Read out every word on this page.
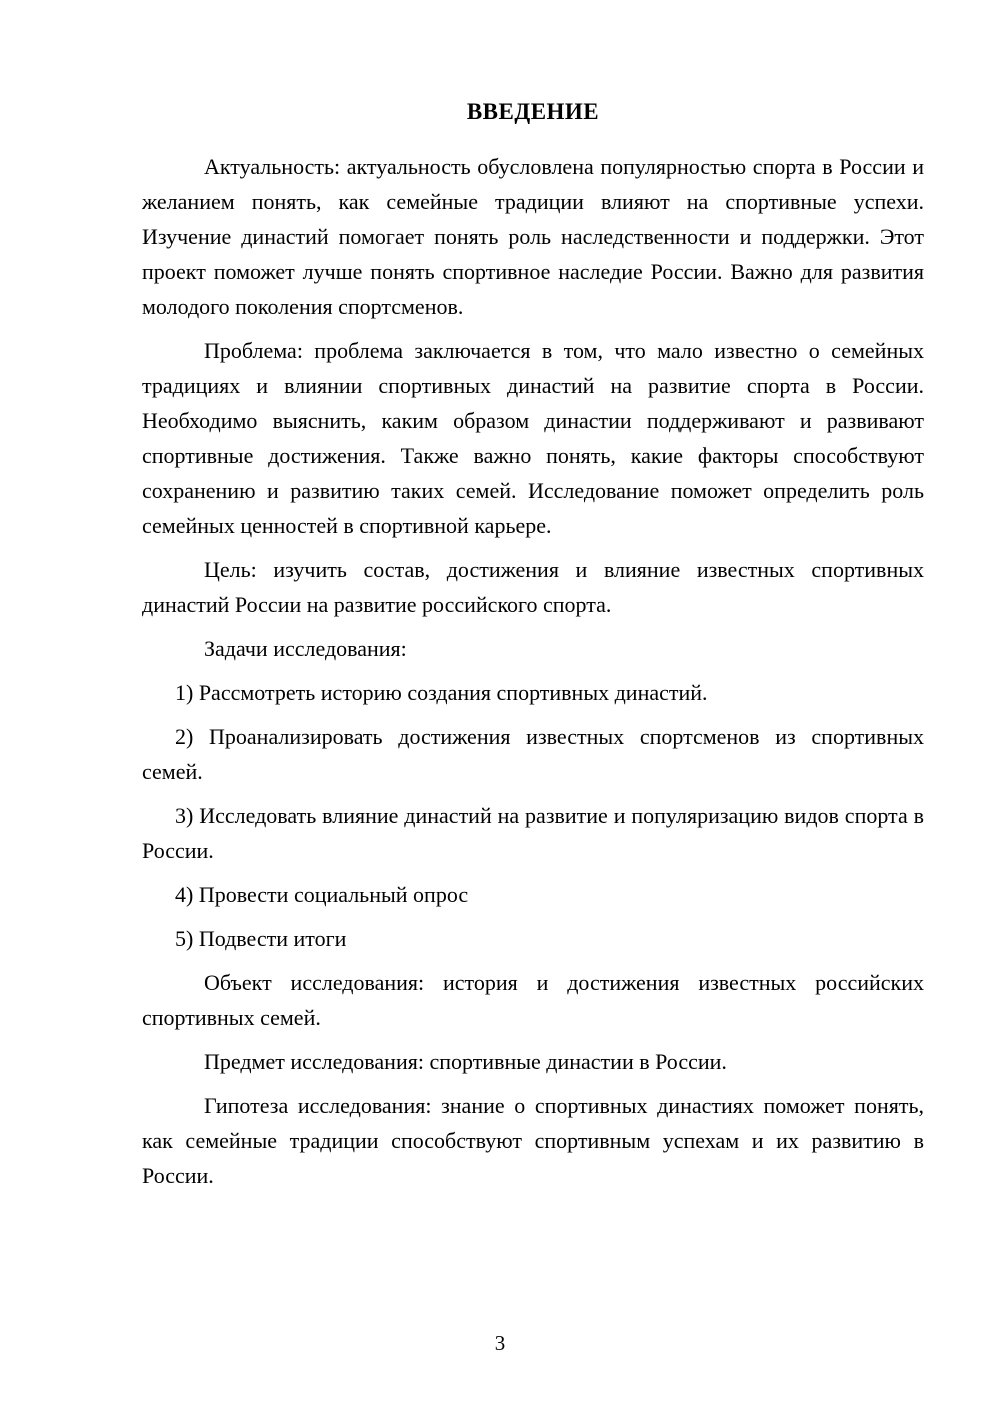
ВВЕДЕНИЕ

Актуальность: актуальность обусловлена популярностью спорта в России и желанием понять, как семейные традиции влияют на спортивные успехи. Изучение династий помогает понять роль наследственности и поддержки. Этот проект поможет лучше понять спортивное наследие России. Важно для развития молодого поколения спортсменов.

Проблема: проблема заключается в том, что мало известно о семейных традициях и влиянии спортивных династий на развитие спорта в России. Необходимо выяснить, каким образом династии поддерживают и развивают спортивные достижения. Также важно понять, какие факторы способствуют сохранению и развитию таких семей. Исследование поможет определить роль семейных ценностей в спортивной карьере.

Цель: изучить состав, достижения и влияние известных спортивных династий России на развитие российского спорта.

Задачи исследования:

1) Рассмотреть историю создания спортивных династий.

2) Проанализировать достижения известных спортсменов из спортивных семей.

3) Исследовать влияние династий на развитие и популяризацию видов спорта в России.

4) Провести социальный опрос

5) Подвести итоги

Объект исследования: история и достижения известных российских спортивных семей.

Предмет исследования: спортивные династии в России.

Гипотеза исследования: знание о спортивных династиях поможет понять, как семейные традиции способствуют спортивным успехам и их развитию в России.

3
